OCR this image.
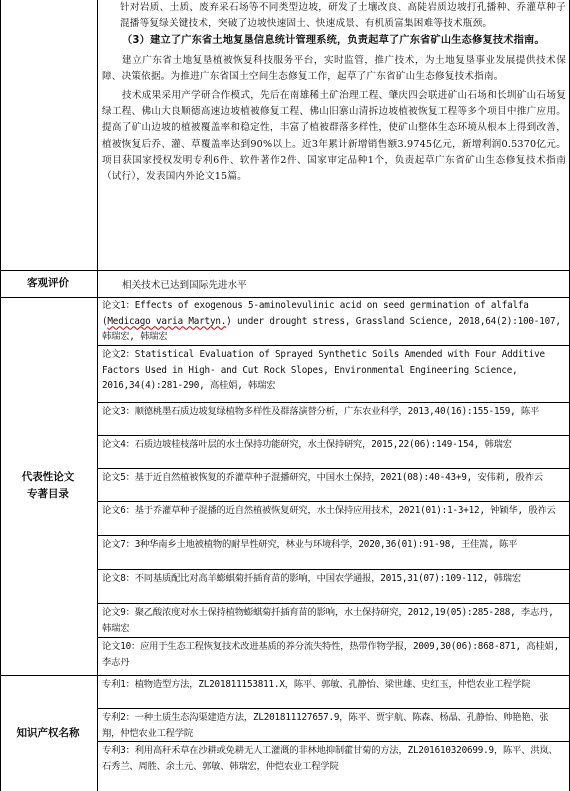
针对岩质、土质、废弃采石场等不同类型边坡，研发了土壤改良、高陡岩质边坡打孔播种、乔灌草种子混播等复绿关键技术，突破了边坡快速固土、快速成景、有机质富集困难等技术瓶颈。

（3）建立了广东省土地复垦信息统计管理系统，负责起草了广东省矿山生态修复技术指南。

建立广东省土地复垦植被恢复科技服务平台，实时监管，推广技术，为土地复垦事业发展提供技术保障、决策依据。为推进广东省国土空间生态修复工作，起草了广东省矿山生态修复技术指南。

技术成果采用产学研合作模式，先后在南雄稀土矿治理工程、肇庆四会联进矿山石场和长圳矿山石场复绿工程、佛山大良顺德高速边坡植被修复工程、佛山旧寨山清拆边坡植被恢复工程等多个项目中推广应用。提高了矿山边坡的植被覆盖率和稳定性，丰富了植被群落多样性，使矿山整体生态环境从根本上得到改善，植被恢复后乔、灌、草覆盖率达到90%以上。近3年累计新增销售额3.9745亿元，新增利润0.5370亿元。项目获国家授权发明专利6件、软件著作2件、国家审定品种1个，负责起草广东省矿山生态修复技术指南（试行），发表国内外论文15篇。

客观评价	相关技术已达到国际先进水平
代表性论文
专著目录
论文1：Effects of exogenous 5-aminolevulinic acid on seed germination of alfalfa (Medicago varia Martyn.) under drought stress, Grassland Science, 2018,64(2):100-107, 韩瑞宏, 韩瑞宏
论文2：Statistical Evaluation of Sprayed Synthetic Soils Amended with Four Additive Factors Used in High- and Cut Rock Slopes, Environmental Engineering Science, 2016,34(4):281-290, 高桂娟, 韩瑞宏
论文3：顺德桃墨石质边坡复绿植物多样性及群落演替分析，广东农业科学，2013,40(16):155-159, 陈平
论文4：石质边坡桂枝落叶层的水土保持功能研究，水土保持研究，2015,22(06):149-154, 韩瑞宏
论文5：基于近自然植被恢复的乔灌草种子混播研究，中国水土保持，2021(08):40-43+9, 安伟莉, 殷祚云
论文6：基于乔灌草种子混播的近自然植被恢复研究，水土保持应用技术，2021(01):1-3+12, 钟颖华, 殷祚云
论文7：3种华南乡土地被植物的耐旱性研究，林业与环境科学，2020,36(01):91-98, 王佳嵩, 陈平
论文8：不同基质配比对高羊蟛蜞菊扦插育苗的影响，中国农学通报，2015,31(07):109-112, 韩瑞宏
论文9：聚乙酸浓度对水土保持植物蟛蜞菊扦插育苗的影响，水土保持研究，2012,19(05):285-288, 李志丹, 韩瑞宏
论文10：应用于生态工程恢复技术改进基质的养分流失特性，热带作物学报，2009,30(06):868-871, 高桂娟, 李志丹
知识产权名称
专利1：植物造型方法，ZL201811153811.X，陈平、郭敏、孔静怡、梁世雄、史红玉，仲恺农业工程学院
专利2：一种土质生态沟渠建造方法，ZL201811127657.9，陈平、贾宇航、陈森、杨晶、孔静怡、帅艳艳、张翔，仲恺农业工程学院
专利3：利用高秆禾草在沙耕或免耕无人工灌溉的非林地抑制藿甘菊的方法，ZL201610320699.9，陈平、洪岚、石秀兰、周胜、余土元、郭敏、韩瑞宏，仲恺农业工程学院
